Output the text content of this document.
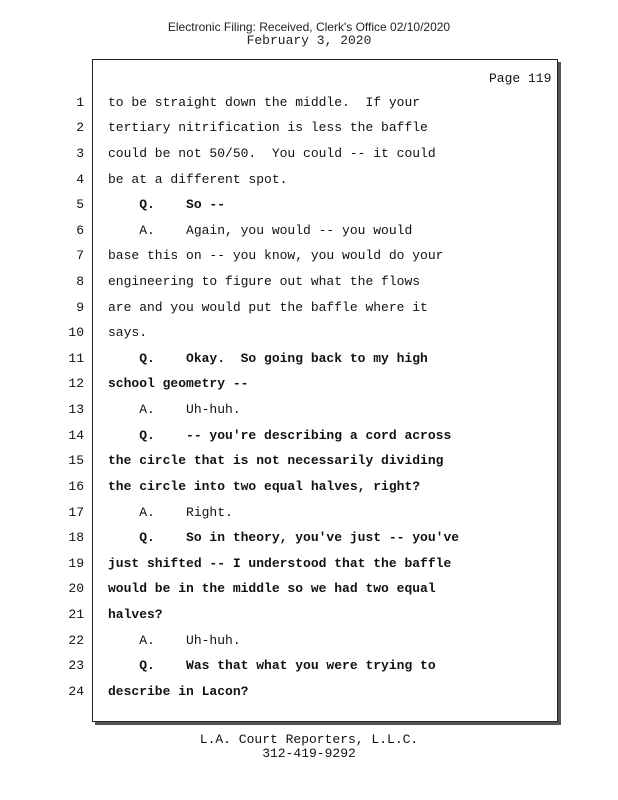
Electronic Filing: Received, Clerk's Office 02/10/2020
February 3, 2020
Page 119
1
2
3
4
5
6
7
8
9
10
11
12
13
14
15
16
17
18
19
20
21
22
23
24
to be straight down the middle.  If your
tertiary nitrification is less the baffle
could be not 50/50.  You could -- it could
be at a different spot.
Q.    So --
A.    Again, you would -- you would
base this on -- you know, you would do your
engineering to figure out what the flows
are and you would put the baffle where it
says.
Q.    Okay.  So going back to my high
school geometry --
A.    Uh-huh.
Q.    -- you're describing a cord across
the circle that is not necessarily dividing
the circle into two equal halves, right?
A.    Right.
Q.    So in theory, you've just -- you've
just shifted -- I understood that the baffle
would be in the middle so we had two equal
halves?
A.    Uh-huh.
Q.    Was that what you were trying to
describe in Lacon?
L.A. Court Reporters, L.L.C.
312-419-9292
